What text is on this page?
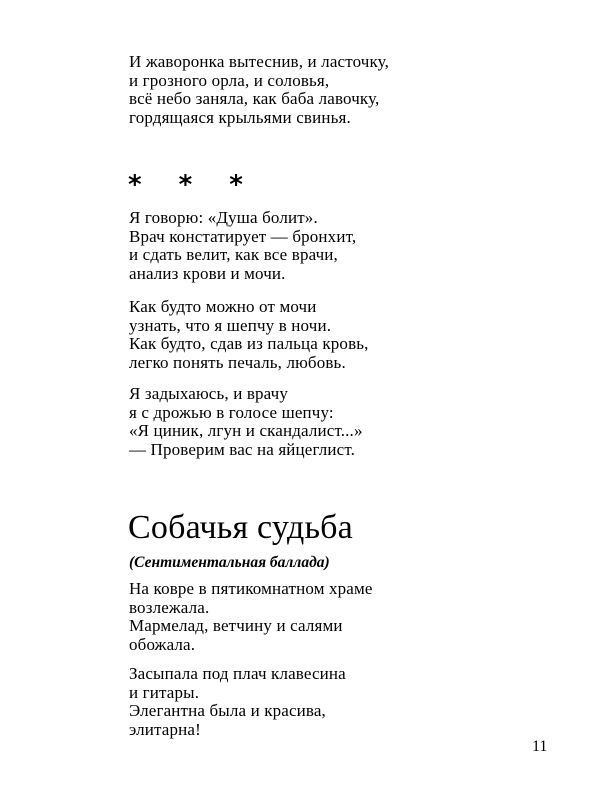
И жаворонка вытеснив, и ласточку,
и грозного орла, и соловья,
всё небо заняла, как баба лавочку,
гордящаяся крыльями свинья.
* * *
Я говорю: «Душа болит».
Врач констатирует — бронхит,
и сдать велит, как все врачи,
анализ крови и мочи.
Как будто можно от мочи
узнать, что я шепчу в ночи.
Как будто, сдав из пальца кровь,
легко понять печаль, любовь.
Я задыхаюсь, и врачу
я с дрожью в голосе шепчу:
«Я циник, лгун и скандалист...»
— Проверим вас на яйцеглист.
Собачья судьба
(Сентиментальная баллада)
На ковре в пятикомнатном храме
возлежала.
Мармелад, ветчину и салями
обожала.
Засыпала под плач клавесина
и гитары.
Элегантна была и красива,
элитарна!
11
